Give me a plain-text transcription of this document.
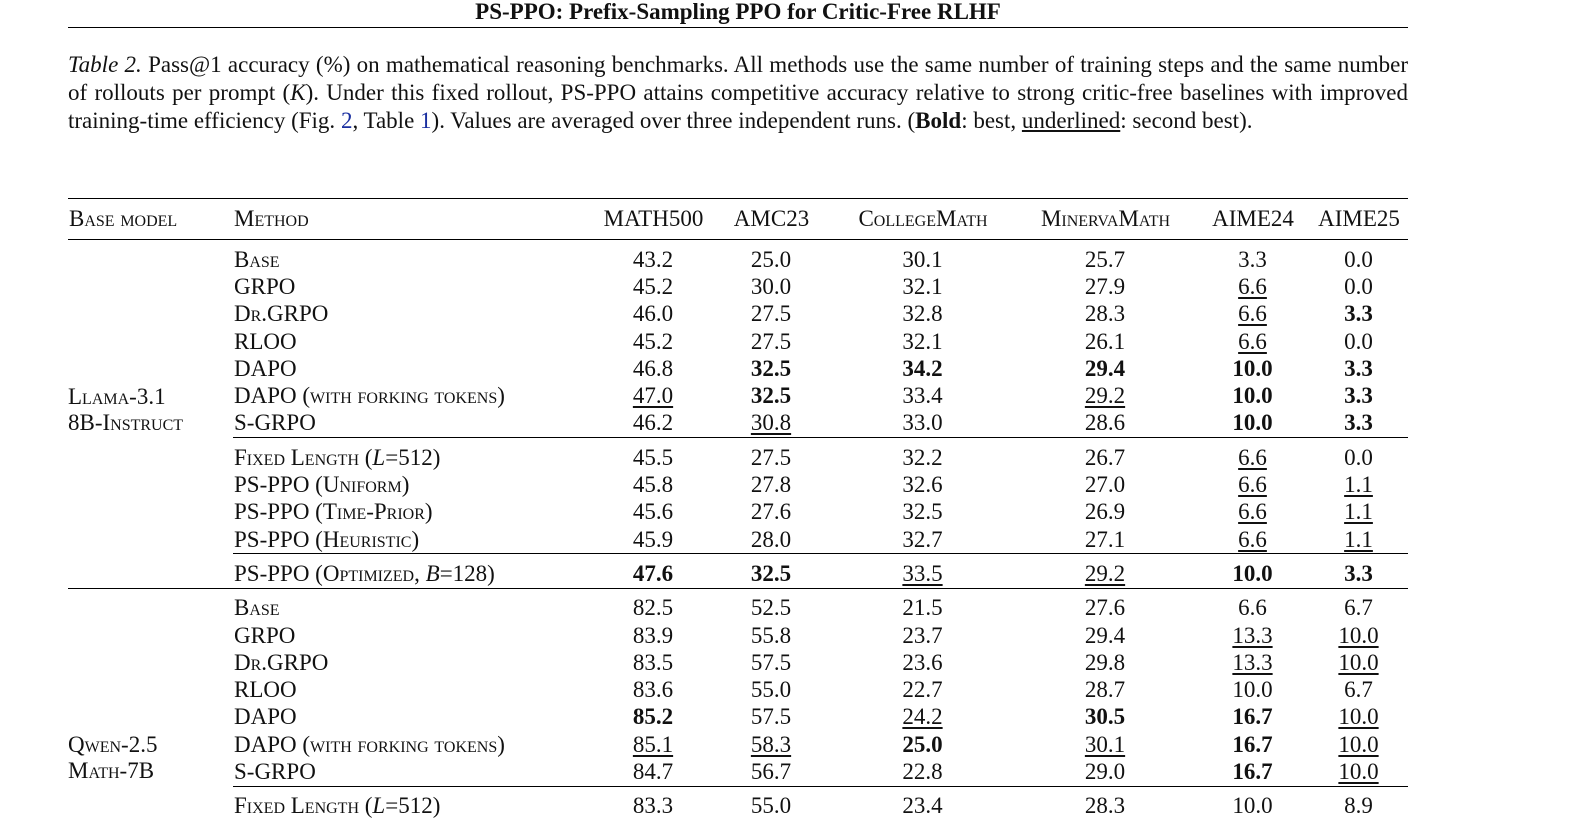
PS-PPO: Prefix-Sampling PPO for Critic-Free RLHF
Table 2. Pass@1 accuracy (%) on mathematical reasoning benchmarks. All methods use the same number of training steps and the same number of rollouts per prompt (K). Under this fixed rollout, PS-PPO attains competitive accuracy relative to strong critic-free baselines with improved training-time efficiency (Fig. 2, Table 1). Values are averaged over three independent runs. (Bold: best, underlined: second best).
Base model	Method	MATH500	AMC23	CollegeMath	MinervaMath	AIME24	AIME25

Llama-3.1
8B-Instruct	Base	43.2	25.0	30.1	25.7	3.3	0.0
	GRPO	45.2	30.0	32.1	27.9	6.6	0.0
	Dr.GRPO	46.0	27.5	32.8	28.3	6.6	3.3
	RLOO	45.2	27.5	32.1	26.1	6.6	0.0
	DAPO	46.8	32.5	34.2	29.4	10.0	3.3
	DAPO (with forking tokens)	47.0	32.5	33.4	29.2	10.0	3.3
	S-GRPO	46.2	30.8	33.0	28.6	10.0	3.3
	Fixed Length (L=512)	45.5	27.5	32.2	26.7	6.6	0.0
	PS-PPO (Uniform)	45.8	27.8	32.6	27.0	6.6	1.1
	PS-PPO (Time-Prior)	45.6	27.6	32.5	26.9	6.6	1.1
	PS-PPO (Heuristic)	45.9	28.0	32.7	27.1	6.6	1.1
	PS-PPO (Optimized, B=128)	47.6	32.5	33.5	29.2	10.0	3.3

Qwen-2.5
Math-7B	Base	82.5	52.5	21.5	27.6	6.6	6.7
	GRPO	83.9	55.8	23.7	29.4	13.3	10.0
	Dr.GRPO	83.5	57.5	23.6	29.8	13.3	10.0
	RLOO	83.6	55.0	22.7	28.7	10.0	6.7
	DAPO	85.2	57.5	24.2	30.5	16.7	10.0
	DAPO (with forking tokens)	85.1	58.3	25.0	30.1	16.7	10.0
	S-GRPO	84.7	56.7	22.8	29.0	16.7	10.0
	Fixed Length (L=512)	83.3	55.0	23.4	28.3	10.0	8.9
